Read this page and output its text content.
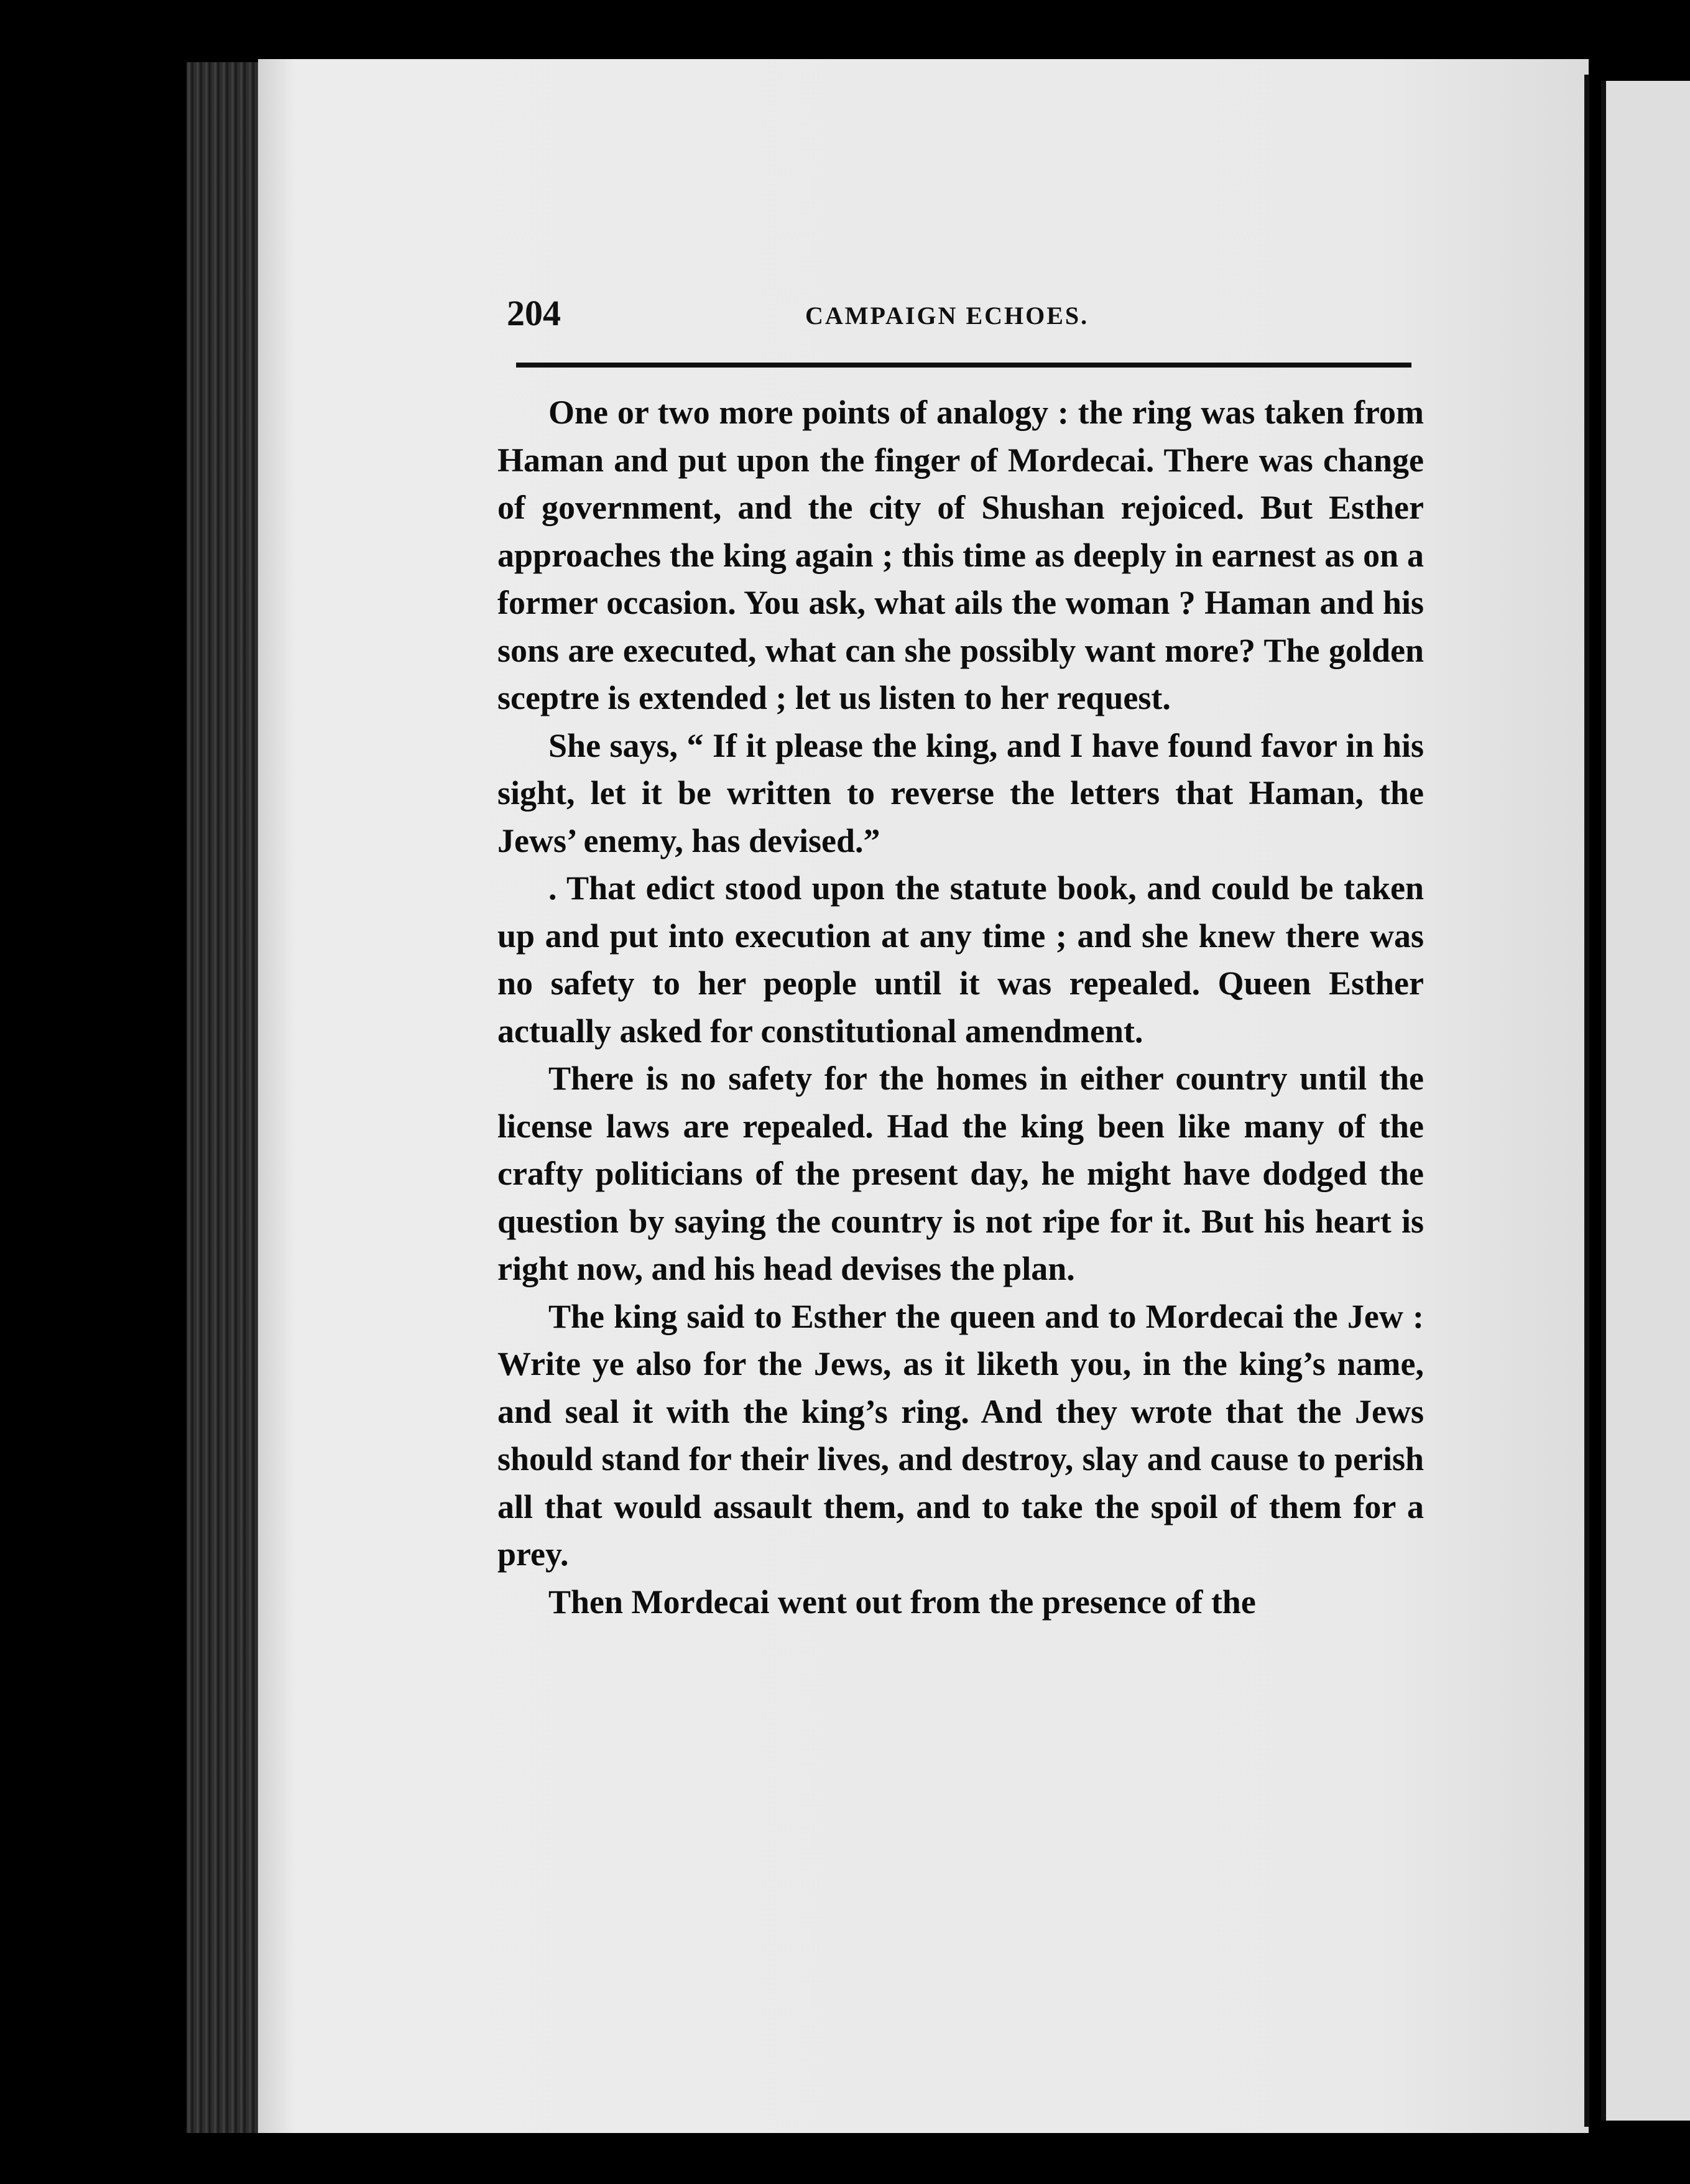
204	CAMPAIGN ECHOES.

One or two more points of analogy : the ring was taken from Haman and put upon the finger of Mordecai. There was change of government, and the city of Shushan rejoiced. But Esther approaches the king again ; this time as deeply in earnest as on a former occasion. You ask, what ails the woman ? Haman and his sons are executed, what can she possibly want more? The golden sceptre is extended ; let us listen to her request.

She says, “ If it please the king, and I have found favor in his sight, let it be written to reverse the letters that Haman, the Jews’ enemy, has devised.”

. That edict stood upon the statute book, and could be taken up and put into execution at any time ; and she knew there was no safety to her people until it was repealed. Queen Esther actually asked for constitutional amendment.

There is no safety for the homes in either country until the license laws are repealed. Had the king been like many of the crafty politicians of the present day, he might have dodged the question by saying the country is not ripe for it. But his heart is right now, and his head devises the plan.

The king said to Esther the queen and to Mordecai the Jew : Write ye also for the Jews, as it liketh you, in the king’s name, and seal it with the king’s ring. And they wrote that the Jews should stand for their lives, and destroy, slay and cause to perish all that would assault them, and to take the spoil of them for a prey.

Then Mordecai went out from the presence of the
